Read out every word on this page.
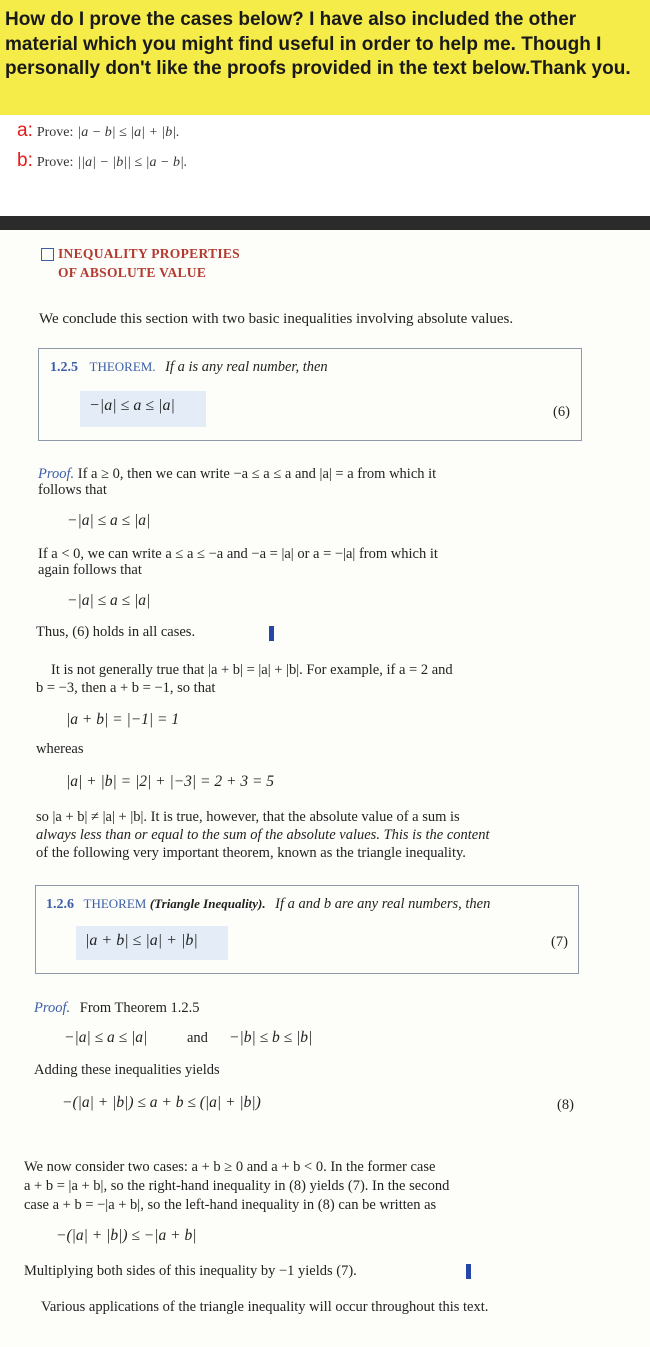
How do I prove the cases below? I have also included the other material which you might find useful in order to help me. Though I personally don't like the proofs provided in the text below.Thank you.
a: Prove: |a − b| ≤ |a| + |b|.
b: Prove: ||a| − |b|| ≤ |a − b|.
INEQUALITY PROPERTIES
OF ABSOLUTE VALUE
We conclude this section with two basic inequalities involving absolute values.
1.2.5 THEOREM. If a is any real number, then
−|a| ≤ a ≤ |a|	(6)
Proof. If a ≥ 0, then we can write −a ≤ a ≤ a and |a| = a from which it
follows that
−|a| ≤ a ≤ |a|
If a < 0, we can write a ≤ a ≤ −a and −a = |a| or a = −|a| from which it
again follows that
−|a| ≤ a ≤ |a|
Thus, (6) holds in all cases.
It is not generally true that |a + b| = |a| + |b|. For example, if a = 2 and
b = −3, then a + b = −1, so that
|a + b| = |−1| = 1
whereas
|a| + |b| = |2| + |−3| = 2 + 3 = 5
so |a + b| ≠ |a| + |b|. It is true, however, that the absolute value of a sum is
always less than or equal to the sum of the absolute values. This is the content
of the following very important theorem, known as the triangle inequality.
1.2.6 THEOREM (Triangle Inequality). If a and b are any real numbers, then
|a + b| ≤ |a| + |b|	(7)
Proof. From Theorem 1.2.5
−|a| ≤ a ≤ |a|	and −|b| ≤ b ≤ |b|
Adding these inequalities yields
−(|a| + |b|) ≤ a + b ≤ (|a| + |b|)	(8)
We now consider two cases: a + b ≥ 0 and a + b < 0. In the former case
a + b = |a + b|, so the right-hand inequality in (8) yields (7). In the second
case a + b = −|a + b|, so the left-hand inequality in (8) can be written as
−(|a| + |b|) ≤ −|a + b|
Multiplying both sides of this inequality by −1 yields (7).
Various applications of the triangle inequality will occur throughout this text.
